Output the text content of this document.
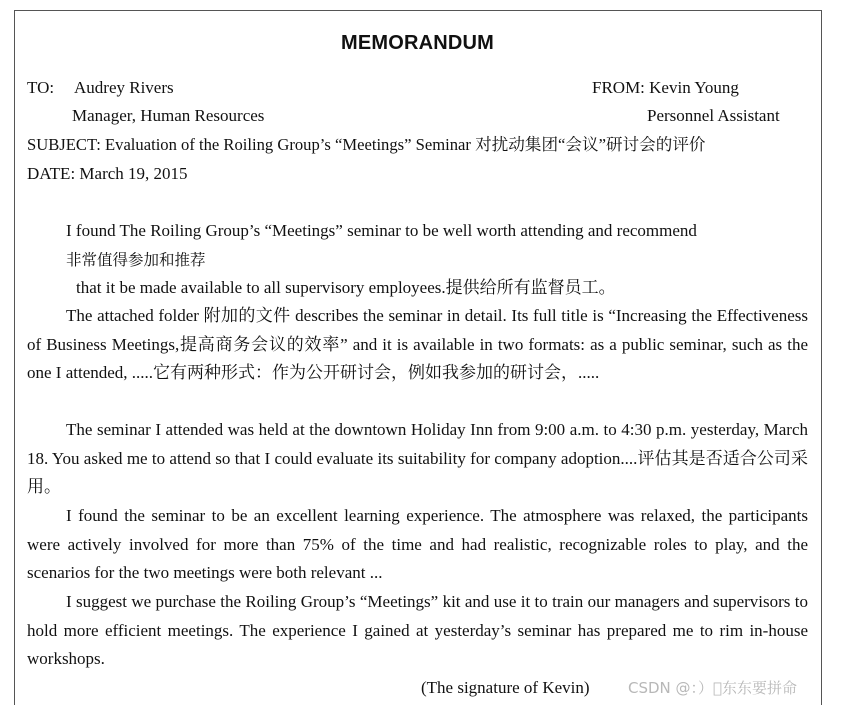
MEMORANDUM
TO: Audrey Rivers	FROM: Kevin Young
Manager, Human Resources	Personnel Assistant
SUBJECT: Evaluation of the Roiling Group’s “Meetings” Seminar 对扰动集团“会议”研讨会的评价
DATE: March 19, 2015
I found The Roiling Group’s “Meetings” seminar to be well worth attending and recommend
非常值得参加和推荐
that it be made available to all supervisory employees.提供给所有监督员工。
The attached folder 附加的文件 describes the seminar in detail. Its full title is “Increasing the Effectiveness of Business Meetings,提高商务会议的效率” and it is available in two formats: as a public seminar, such as the one I attended, .....它有两种形式：作为公开研讨会，例如我参加的研讨会，.....
The seminar I attended was held at the downtown Holiday Inn from 9:00 a.m. to 4:30 p.m. yesterday, March 18. You asked me to attend so that I could evaluate its suitability for company adoption....评估其是否适合公司采用。
I found the seminar to be an excellent learning experience. The atmosphere was relaxed, the participants were actively involved for more than 75% of the time and had realistic, recognizable roles to play, and the scenarios for the two meetings were both relevant ...
I suggest we purchase the Roiling Group’s “Meetings” kit and use it to train our managers and supervisors to hold more efficient meetings. The experience I gained at yesterday’s seminar has prepared me to rim in-house workshops.
(The signature of Kevin)	CSDN @：） 东东要拼命
